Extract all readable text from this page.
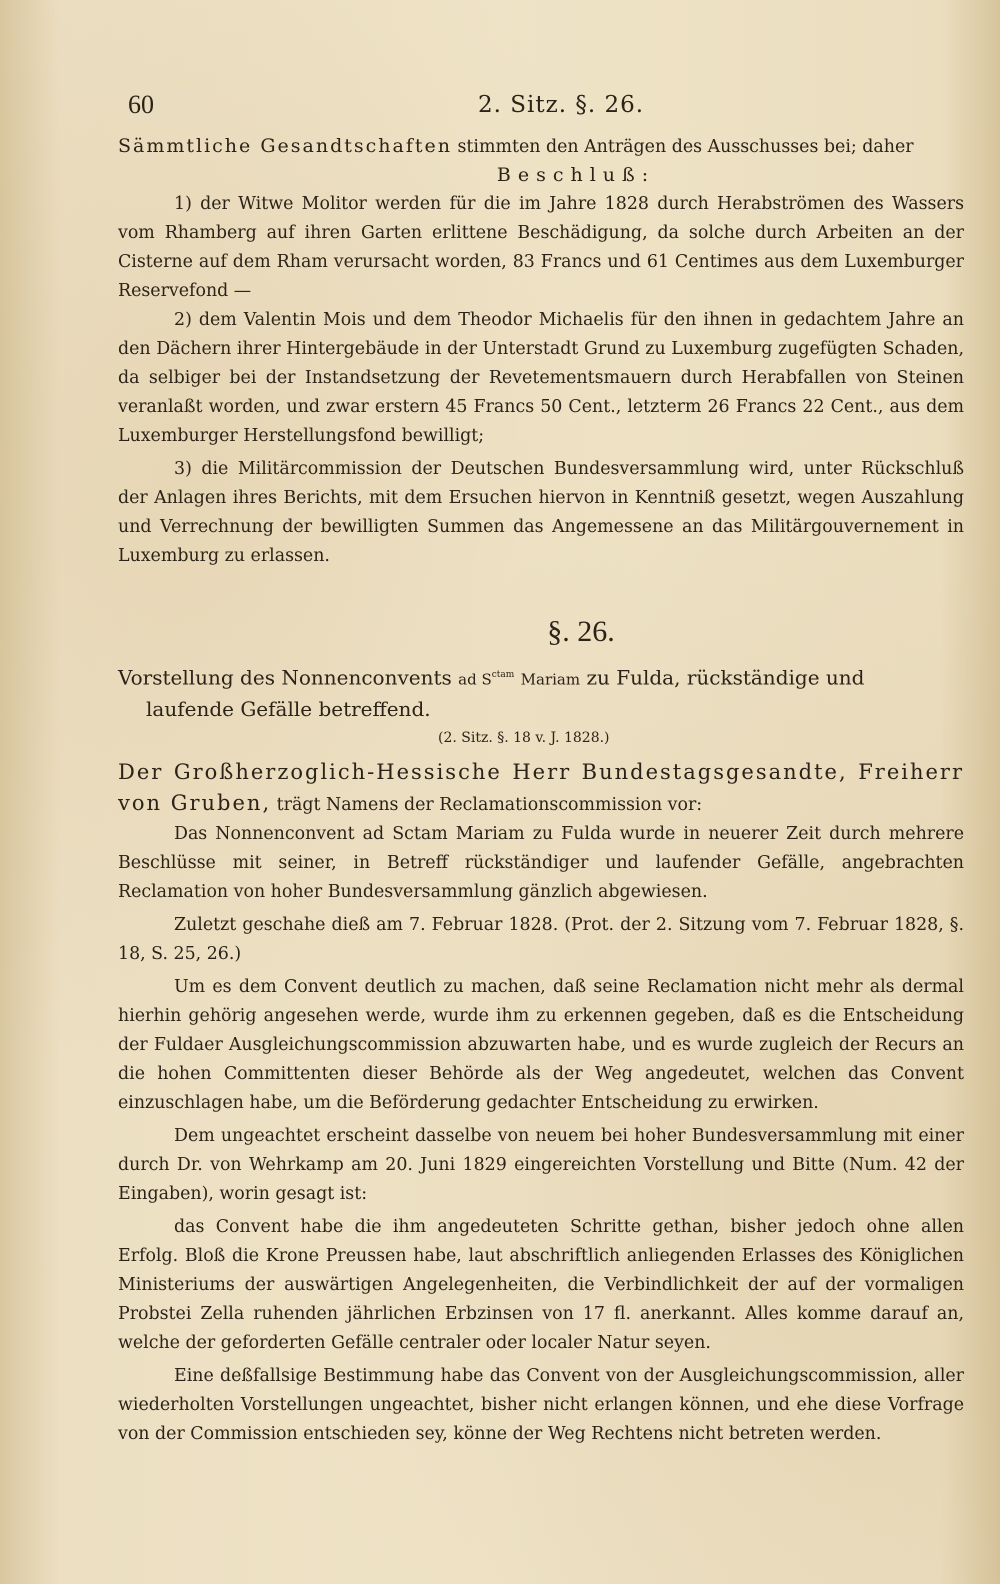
60	2. Sitz. §. 26.

Sämmtliche Gesandtschaften stimmten den Anträgen des Ausschusses bei; daher

Beschluß:

1) der Witwe Molitor werden für die im Jahre 1828 durch Herabströmen des Wassers vom Rhamberg auf ihren Garten erlittene Beschädigung, da solche durch Arbeiten an der Cisterne auf dem Rham verursacht worden, 83 Francs und 61 Centimes aus dem Luxemburger Reservefond —

2) dem Valentin Mois und dem Theodor Michaelis für den ihnen in gedachtem Jahre an den Dächern ihrer Hintergebäude in der Unterstadt Grund zu Luxemburg zugefügten Schaden, da selbiger bei der Instandsetzung der Revetementsmauern durch Herabfallen von Steinen veranlaßt worden, und zwar erstern 45 Francs 50 Cent., letzterm 26 Francs 22 Cent., aus dem Luxemburger Herstellungsfond bewilligt;

3) die Militärcommission der Deutschen Bundesversammlung wird, unter Rückschluß der Anlagen ihres Berichts, mit dem Ersuchen hiervon in Kenntniß gesetzt, wegen Auszahlung und Verrechnung der bewilligten Summen das Angemessene an das Militärgouvernement in Luxemburg zu erlassen.

§. 26.
Vorstellung des Nonnenconvents ad $S^{ctam}$ Mariam zu Fulda, rückständige und
laufende Gefälle betreffend.
(2. Sitz. §. 18 v. J. 1828.)

Der Großherzoglich-Hessische Herr Bundestagsgesandte, Freiherr von Gruben, trägt Namens der Reclamationscommission vor:

Das Nonnenconvent ad Sctam Mariam zu Fulda wurde in neuerer Zeit durch mehrere Beschlüsse mit seiner, in Betreff rückständiger und laufender Gefälle, angebrachten Reclamation von hoher Bundesversammlung gänzlich abgewiesen.

Zuletzt geschahe dieß am 7. Februar 1828. (Prot. der 2. Sitzung vom 7. Februar 1828, §. 18, S. 25, 26.)

Um es dem Convent deutlich zu machen, daß seine Reclamation nicht mehr als dermal hierhin gehörig angesehen werde, wurde ihm zu erkennen gegeben, daß es die Entscheidung der Fuldaer Ausgleichungscommission abzuwarten habe, und es wurde zugleich der Recurs an die hohen Committenten dieser Behörde als der Weg angedeutet, welchen das Convent einzuschlagen habe, um die Beförderung gedachter Entscheidung zu erwirken.

Dem ungeachtet erscheint dasselbe von neuem bei hoher Bundesversammlung mit einer durch Dr. von Wehrkamp am 20. Juni 1829 eingereichten Vorstellung und Bitte (Num. 42 der Eingaben), worin gesagt ist:

das Convent habe die ihm angedeuteten Schritte gethan, bisher jedoch ohne allen Erfolg. Bloß die Krone Preussen habe, laut abschriftlich anliegenden Erlasses des Königlichen Ministeriums der auswärtigen Angelegenheiten, die Verbindlichkeit der auf der vormaligen Probstei Zella ruhenden jährlichen Erbzinsen von 17 fl. anerkannt. Alles komme darauf an, welche der geforderten Gefälle centraler oder localer Natur seyen.

Eine deßfallsige Bestimmung habe das Convent von der Ausgleichungscommission, aller wiederholten Vorstellungen ungeachtet, bisher nicht erlangen können, und ehe diese Vorfrage von der Commission entschieden sey, könne der Weg Rechtens nicht betreten werden.
